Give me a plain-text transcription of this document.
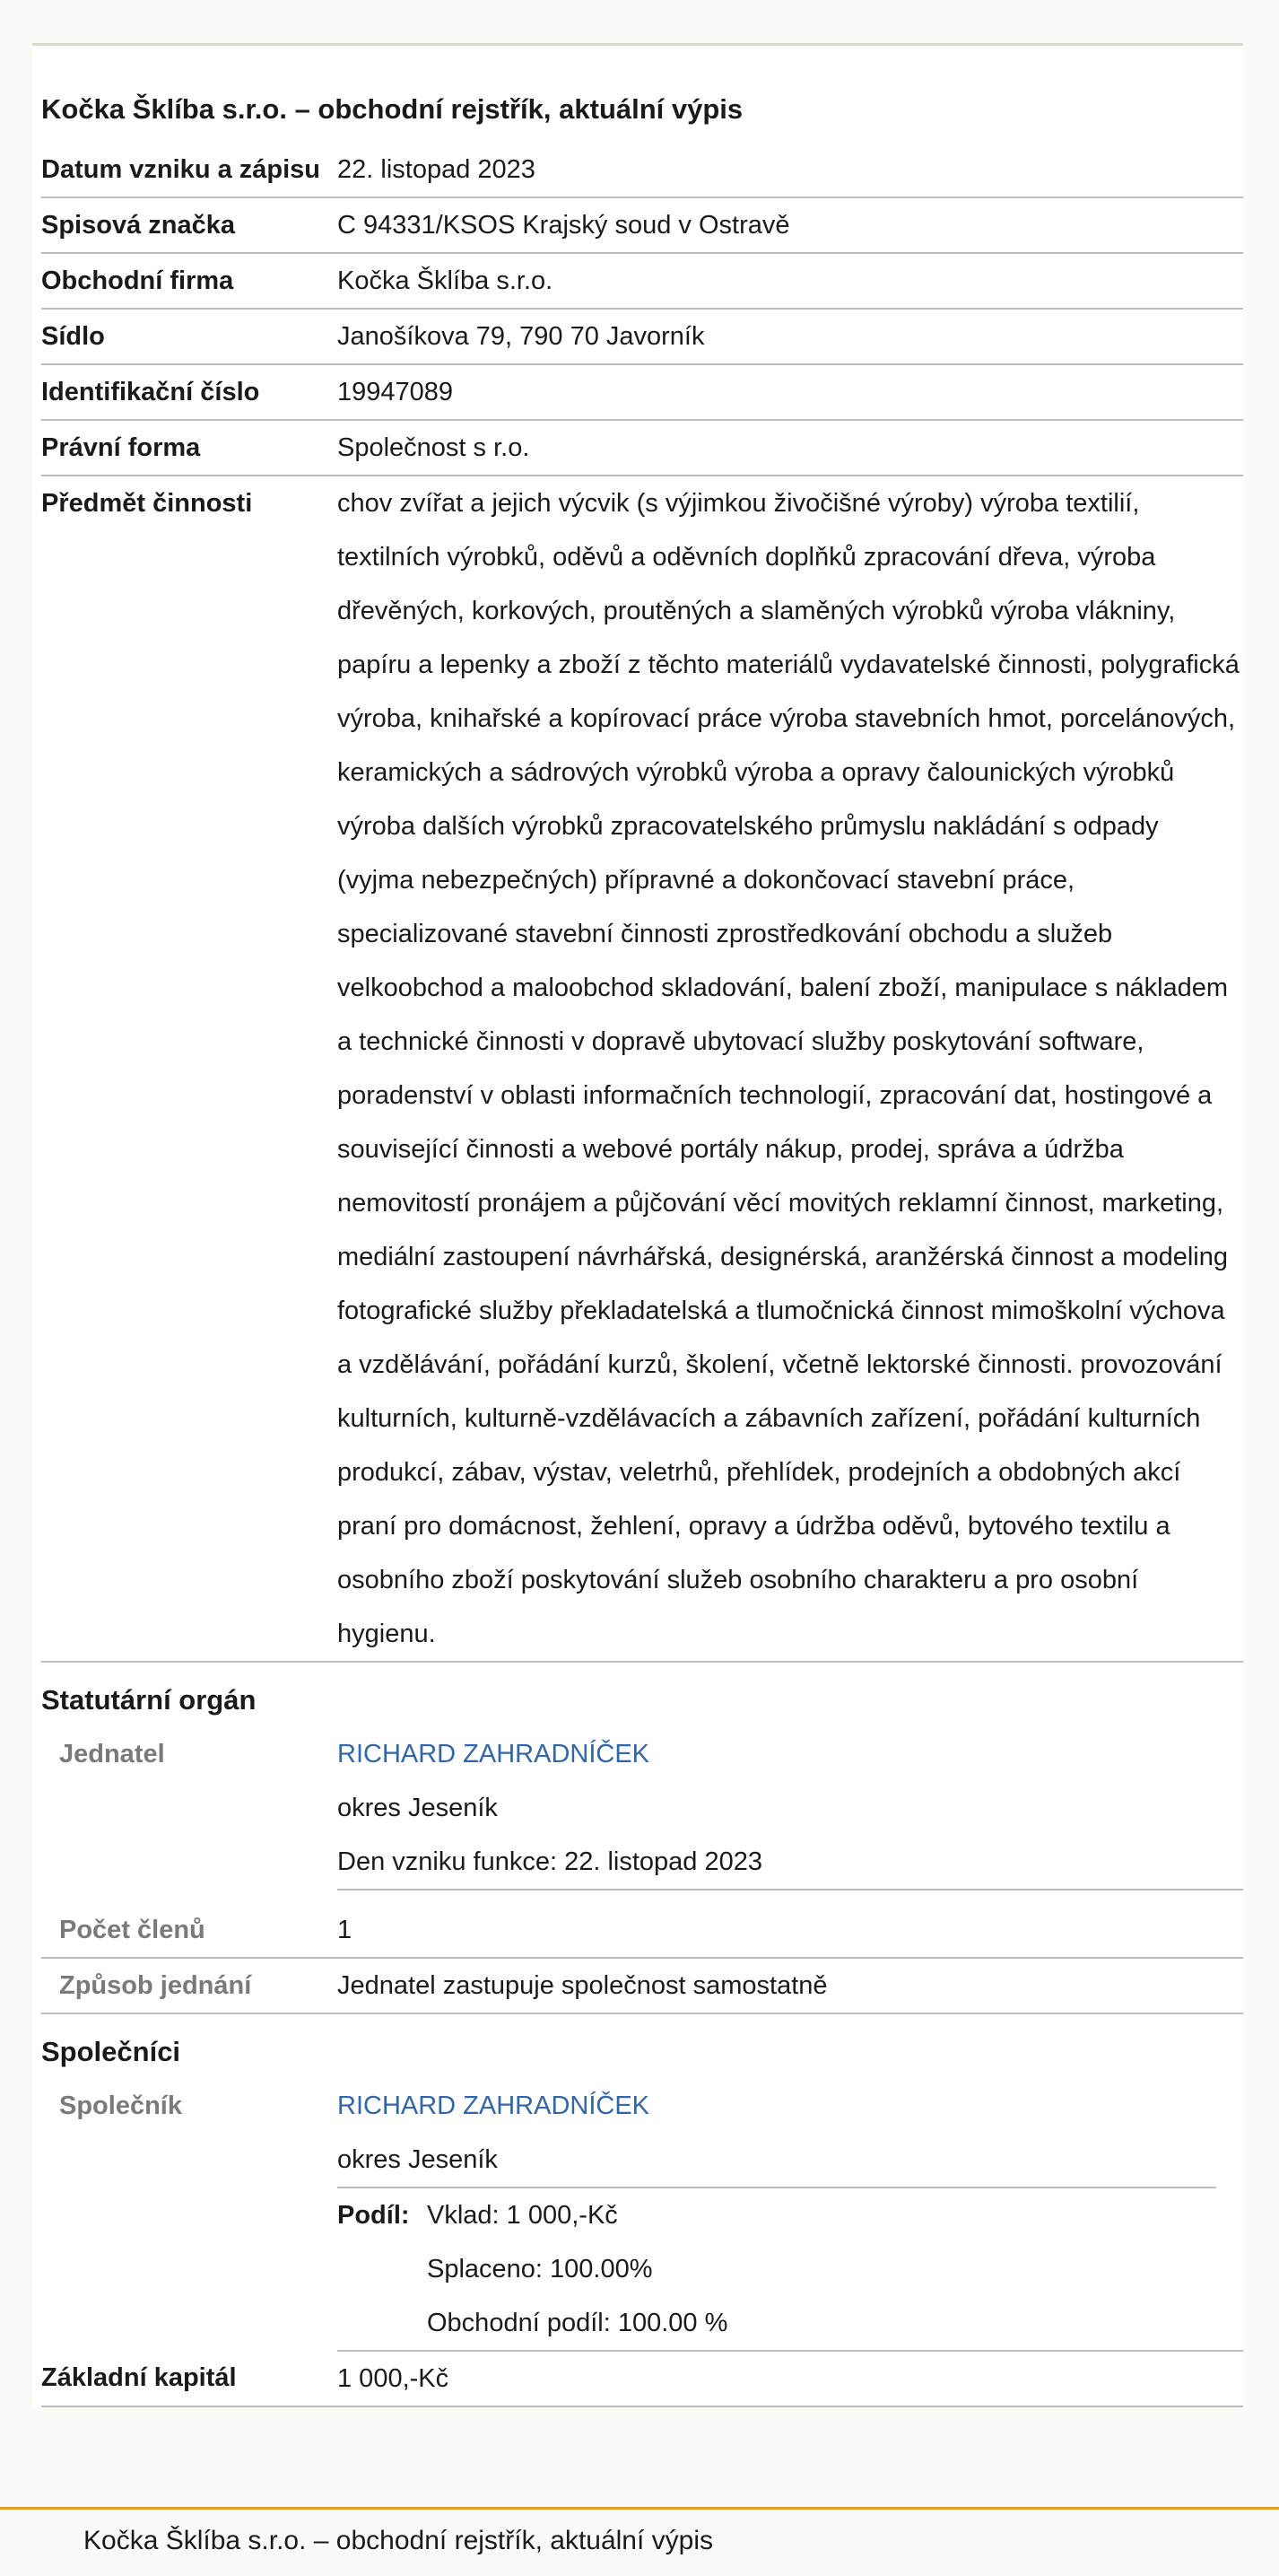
Kočka Šklíba s.r.o. – obchodní rejstřík, aktuální výpis
Datum vzniku a zápisu	22. listopad 2023
Spisová značka	C 94331/KSOS Krajský soud v Ostravě
Obchodní firma	Kočka Šklíba s.r.o.
Sídlo	Janošíkova 79, 790 70 Javorník
Identifikační číslo	19947089
Právní forma	Společnost s r.o.
Předmět činnosti	chov zvířat a jejich výcvik (s výjimkou živočišné výroby) výroba textilií, textilních výrobků, oděvů a oděvních doplňků zpracování dřeva, výroba dřevěných, korkových, proutěných a slaměných výrobků výroba vlákniny, papíru a lepenky a zboží z těchto materiálů vydavatelské činnosti, polygrafická výroba, knihařské a kopírovací práce výroba stavebních hmot, porcelánových, keramických a sádrových výrobků výroba a opravy čalounických výrobků výroba dalších výrobků zpracovatelského průmyslu nakládání s odpady (vyjma nebezpečných) přípravné a dokončovací stavební práce, specializované stavební činnosti zprostředkování obchodu a služeb velkoobchod a maloobchod skladování, balení zboží, manipulace s nákladem a technické činnosti v dopravě ubytovací služby poskytování software, poradenství v oblasti informačních technologií, zpracování dat, hostingové a související činnosti a webové portály nákup, prodej, správa a údržba nemovitostí pronájem a půjčování věcí movitých reklamní činnost, marketing, mediální zastoupení návrhářská, designérská, aranžérská činnost a modeling fotografické služby překladatelská a tlumočnická činnost mimoškolní výchova a vzdělávání, pořádání kurzů, školení, včetně lektorské činnosti. provozování kulturních, kulturně-vzdělávacích a zábavních zařízení, pořádání kulturních produkcí, zábav, výstav, veletrhů, přehlídek, prodejních a obdobných akcí praní pro domácnost, žehlení, opravy a údržba oděvů, bytového textilu a osobního zboží poskytování služeb osobního charakteru a pro osobní hygienu.
Statutární orgán	
Jednatel	RICHARD ZAHRADNÍČEK
	okres Jeseník
	Den vzniku funkce: 22. listopad 2023

Počet členů	1
Způsob jednání	Jednatel zastupuje společnost samostatně
Společníci	
Společník	RICHARD ZAHRADNÍČEK
	okres Jeseník

	Podíl: Vklad: 1 000,-Kč
Splaceno: 100.00%
Obchodní podíl: 100.00 %

Základní kapitál	1 000,-Kč
Kočka Šklíba s.r.o. – obchodní rejstřík, aktuální výpis
